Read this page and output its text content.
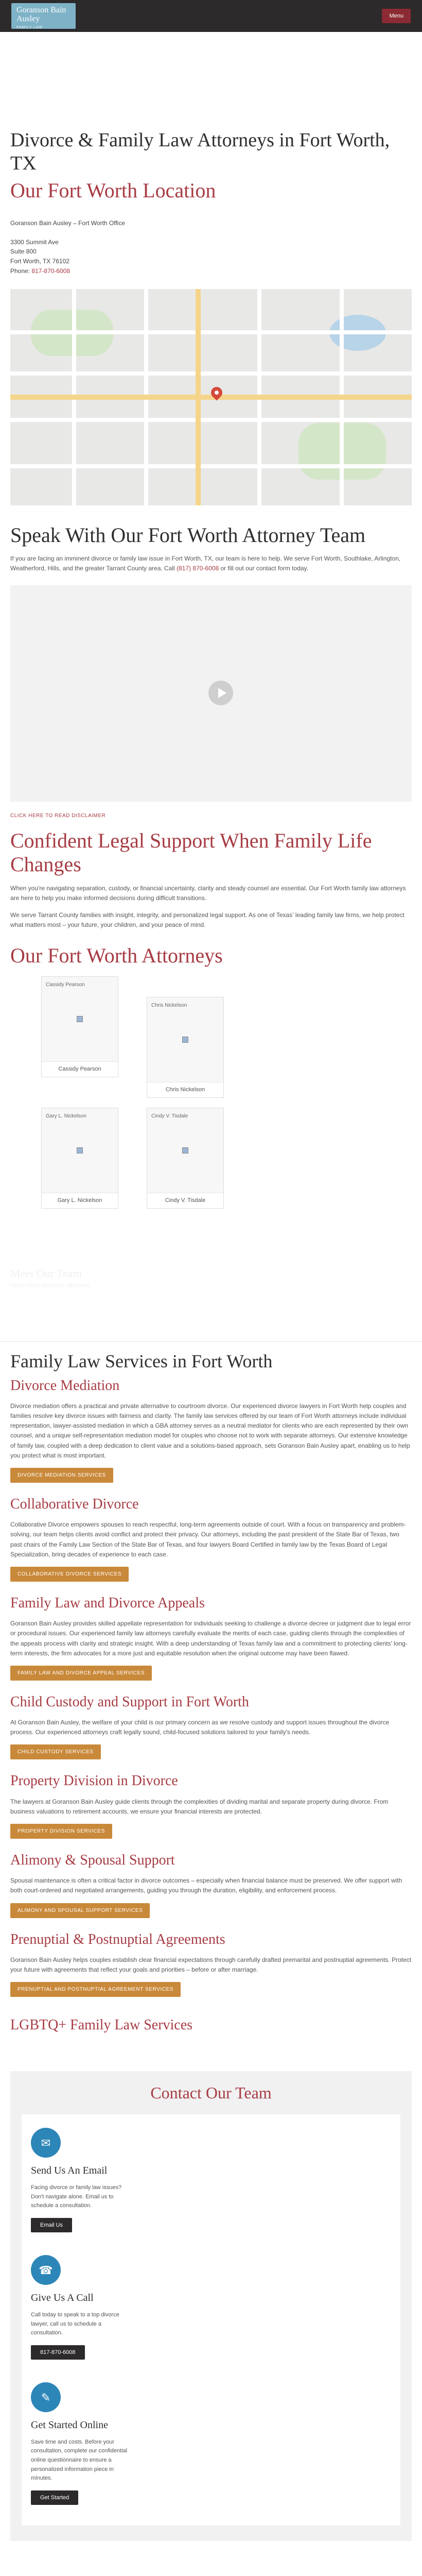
Goranson Bain Ausley
FAMILY LAW
Menu
Divorce & Family Law Attorneys in Fort Worth, TX
Our Fort Worth Location
Goranson Bain Ausley – Fort Worth Office

3300 Summit Ave
Suite 800
Fort Worth, TX 76102
Phone: 817-870-6008
Speak With Our Fort Worth Attorney Team

If you are facing an imminent divorce or family law issue in Fort Worth, TX, our team is here to help. We serve Fort Worth, Southlake, Arlington, Weatherford, Hills, and the greater Tarrant County area. Call (817) 870-6008 or fill out our contact form today.

CLICK HERE TO READ DISCLAIMER
Confident Legal Support When Family Life Changes

When you're navigating separation, custody, or financial uncertainty, clarity and steady counsel are essential. Our Fort Worth family law attorneys are here to help you make informed decisions during difficult transitions.

We serve Tarrant County families with insight, integrity, and personalized legal support. As one of Texas' leading family law firms, we help protect what matters most – your future, your children, and your peace of mind.

Our Fort Worth Attorneys
Cassidy Pearson
Cassidy Pearson
Chris Nickelson
Chris Nickelson
Gary L. Nickelson
Gary L. Nickelson
Cindy V. Tisdale
Cindy V. Tisdale
Meet Our Team
Learn more about our attorneys
Family Law Services in Fort Worth
Divorce Mediation

Divorce mediation offers a practical and private alternative to courtroom divorce. Our experienced divorce lawyers in Fort Worth help couples and families resolve key divorce issues with fairness and clarity. The family law services offered by our team of Fort Worth attorneys include individual representation, lawyer-assisted mediation in which a GBA attorney serves as a neutral mediator for clients who are each represented by their own counsel, and a unique self-representation mediation model for couples who choose not to work with separate attorneys. Our extensive knowledge of family law, coupled with a deep dedication to client value and a solutions-based approach, sets Goranson Bain Ausley apart, enabling us to help you protect what is most important.

DIVORCE MEDIATION SERVICES
Collaborative Divorce

Collaborative Divorce empowers spouses to reach respectful, long-term agreements outside of court. With a focus on transparency and problem-solving, our team helps clients avoid conflict and protect their privacy. Our attorneys, including the past president of the State Bar of Texas, two past chairs of the Family Law Section of the State Bar of Texas, and four lawyers Board Certified in family law by the Texas Board of Legal Specialization, bring decades of experience to each case.

COLLABORATIVE DIVORCE SERVICES
Family Law and Divorce Appeals

Goranson Bain Ausley provides skilled appellate representation for individuals seeking to challenge a divorce decree or judgment due to legal error or procedural issues. Our experienced family law attorneys carefully evaluate the merits of each case, guiding clients through the complexities of the appeals process with clarity and strategic insight. With a deep understanding of Texas family law and a commitment to protecting clients' long-term interests, the firm advocates for a more just and equitable resolution when the original outcome may have been flawed.

FAMILY LAW AND DIVORCE APPEAL SERVICES
Child Custody and Support in Fort Worth

At Goranson Bain Ausley, the welfare of your child is our primary concern as we resolve custody and support issues throughout the divorce process. Our experienced attorneys craft legally sound, child-focused solutions tailored to your family's needs.

CHILD CUSTODY SERVICES
Property Division in Divorce

The lawyers at Goranson Bain Ausley guide clients through the complexities of dividing marital and separate property during divorce. From business valuations to retirement accounts, we ensure your financial interests are protected.

PROPERTY DIVISION SERVICES
Alimony & Spousal Support

Spousal maintenance is often a critical factor in divorce outcomes – especially when financial balance must be preserved. We offer support with both court-ordered and negotiated arrangements, guiding you through the duration, eligibility, and enforcement process.

ALIMONY AND SPOUSAL SUPPORT SERVICES
Prenuptial & Postnuptial Agreements

Goranson Bain Ausley helps couples establish clear financial expectations through carefully drafted premarital and postnuptial agreements. Protect your future with agreements that reflect your goals and priorities – before or after marriage.

PRENUPTIAL AND POSTNUPTIAL AGREEMENT SERVICES
LGBTQ+ Family Law Services
Contact Our Team
✉
Send Us An Email
Facing divorce or family law issues? Don't navigate alone. Email us to schedule a consultation.
Email Us
☎
Give Us A Call
Call today to speak to a top divorce lawyer, call us to schedule a consultation.
817-870-6008
✎
Get Started Online
Save time and costs. Before your consultation, complete our confidential online questionnaire to ensure a personalized information piece in minutes.
Get Started
